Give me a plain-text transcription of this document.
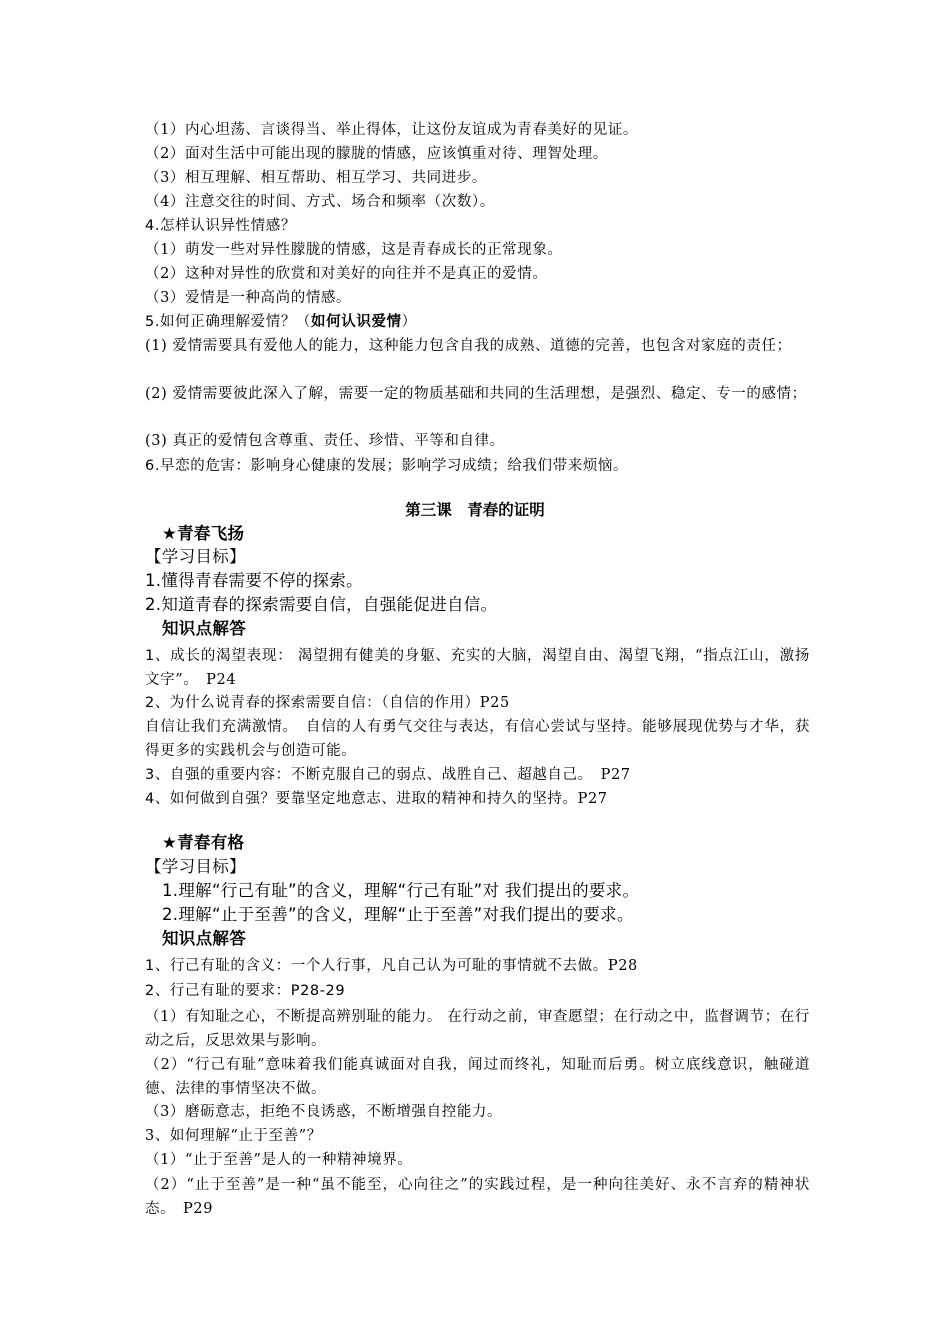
（1）内心坦荡、言谈得当、举止得体，让这份友谊成为青春美好的见证。
（2）面对生活中可能出现的朦胧的情感，应该慎重对待、理智处理。
（3）相互理解、相互帮助、相互学习、共同进步。
（4）注意交往的时间、方式、场合和频率（次数）。
4.怎样认识异性情感？
（1）萌发一些对异性朦胧的情感，这是青春成长的正常现象。
（2）这种对异性的欣赏和对美好的向往并不是真正的爱情。
（3）爱情是一种高尚的情感。
5.如何正确理解爱情？（如何认识爱情）
(1) 爱情需要具有爱他人的能力，这种能力包含自我的成熟、道德的完善，也包含对家庭的责任；
(2) 爱情需要彼此深入了解，需要一定的物质基础和共同的生活理想，是强烈、稳定、专一的感情；
(3) 真正的爱情包含尊重、责任、珍惜、平等和自律。
6.早恋的危害：影响身心健康的发展；影响学习成绩；给我们带来烦恼。
第三课　青春的证明
★青春飞扬
【学习目标】
1.懂得青春需要不停的探索。
2.知道青春的探索需要自信，自强能促进自信。
知识点解答
1、成长的渴望表现： 渴望拥有健美的身躯、充实的大脑，渴望自由、渴望飞翔，“指点江山，激扬文字”。　P24
2、为什么说青春的探索需要自信：（自信的作用）P25
自信让我们充满激情。　自信的人有勇气交往与表达，有信心尝试与坚持。能够展现优势与才华，获得更多的实践机会与创造可能。
3、自强的重要内容：不断克服自己的弱点、战胜自己、超越自己。　P27
4、如何做到自强？要靠坚定地意志、进取的精神和持久的坚持。P27
★青春有格
【学习目标】
1.理解“行己有耻”的含义，理解“行己有耻”对 我们提出的要求。
2.理解“止于至善”的含义，理解“止于至善”对我们提出的要求。
知识点解答
1、行己有耻的含义：一个人行事，凡自己认为可耻的事情就不去做。P28
2、行己有耻的要求：P28-29
（1）有知耻之心，不断提高辨别耻的能力。 在行动之前，审查愿望；在行动之中，监督调节；在行动之后，反思效果与影响。
（2）“行己有耻”意味着我们能真诚面对自我，闻过而终礼，知耻而后勇。树立底线意识，触碰道德、法律的事情坚决不做。
（3）磨砺意志，拒绝不良诱惑，不断增强自控能力。
3、如何理解“止于至善”？
（1）“止于至善”是人的一种精神境界。
（2）“止于至善”是一种“虽不能至，心向往之”的实践过程，是一种向往美好、永不言弃的精神状态。　P29
